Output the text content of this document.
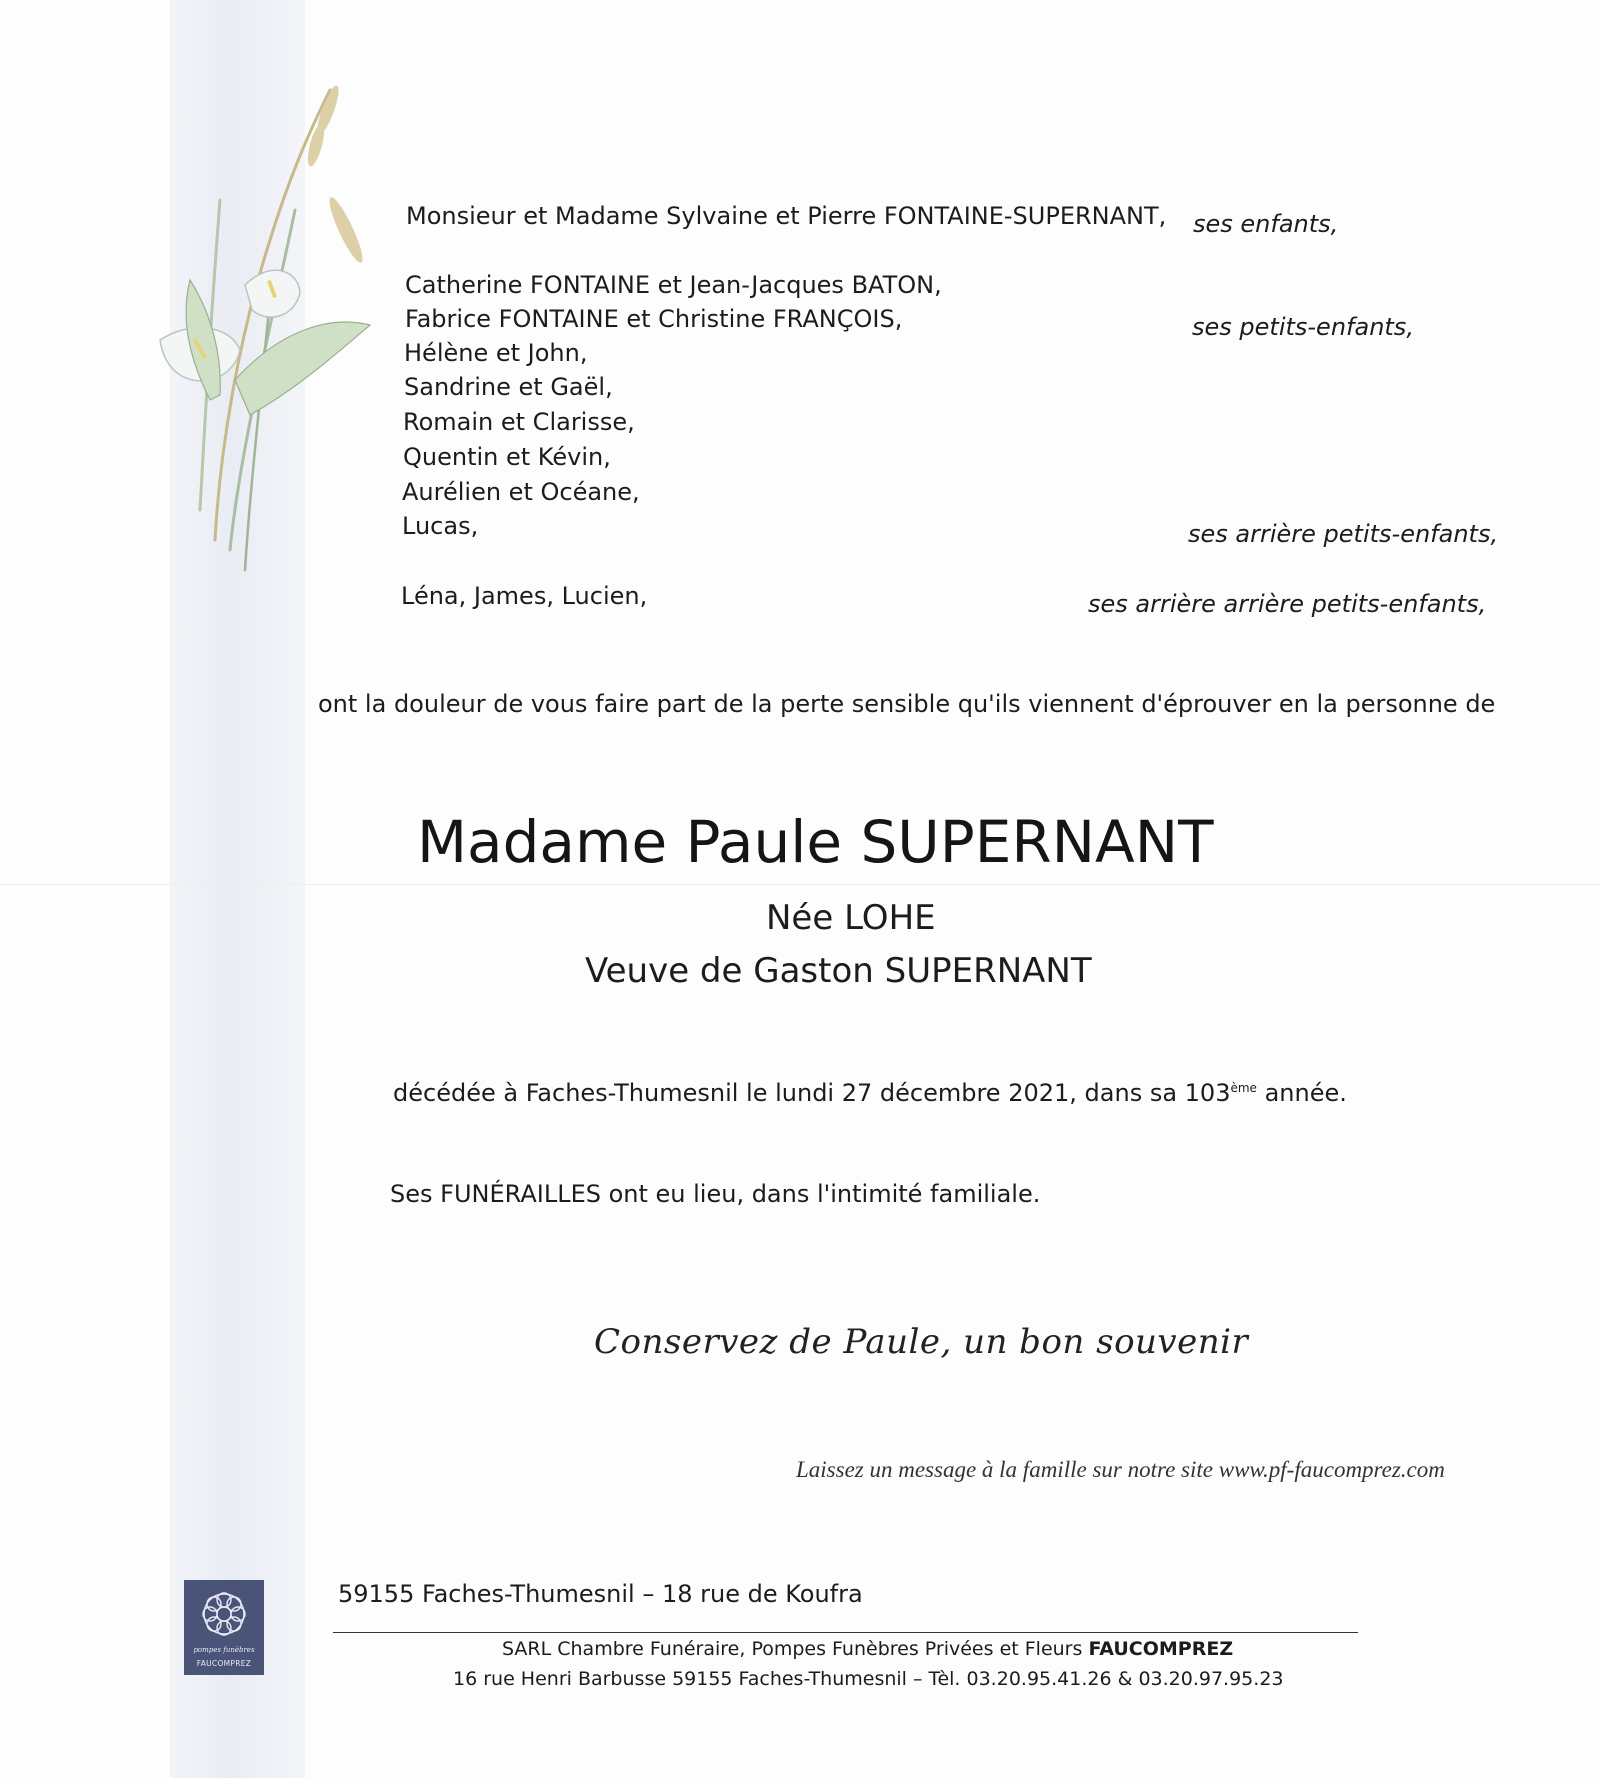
Monsieur et Madame Sylvaine et Pierre FONTAINE-SUPERNANT, ses enfants,
Catherine FONTAINE et Jean-Jacques BATON,
Fabrice FONTAINE et Christine FRANÇOIS,
Hélène et John,
Sandrine et Gaël,
Romain et Clarisse,
Quentin et Kévin,
Aurélien et Océane,
Lucas,
ses petits-enfants,
ses arrière petits-enfants,
Léna, James, Lucien,	ses arrière arrière petits-enfants,
ont la douleur de vous faire part de la perte sensible qu'ils viennent d'éprouver en la personne de
Madame Paule SUPERNANT
Née LOHE
Veuve de Gaston SUPERNANT
décédée à Faches-Thumesnil le lundi 27 décembre 2021, dans sa 103ème année.
Ses FUNÉRAILLES ont eu lieu, dans l'intimité familiale.
Conservez de Paule, un bon souvenir
Laissez un message à la famille sur notre site www.pf-faucomprez.com
pompes funèbres
FAUCOMPREZ
59155 Faches-Thumesnil – 18 rue de Koufra
SARL Chambre Funéraire, Pompes Funèbres Privées et Fleurs FAUCOMPREZ
16 rue Henri Barbusse 59155 Faches-Thumesnil – Tèl. 03.20.95.41.26 & 03.20.97.95.23
